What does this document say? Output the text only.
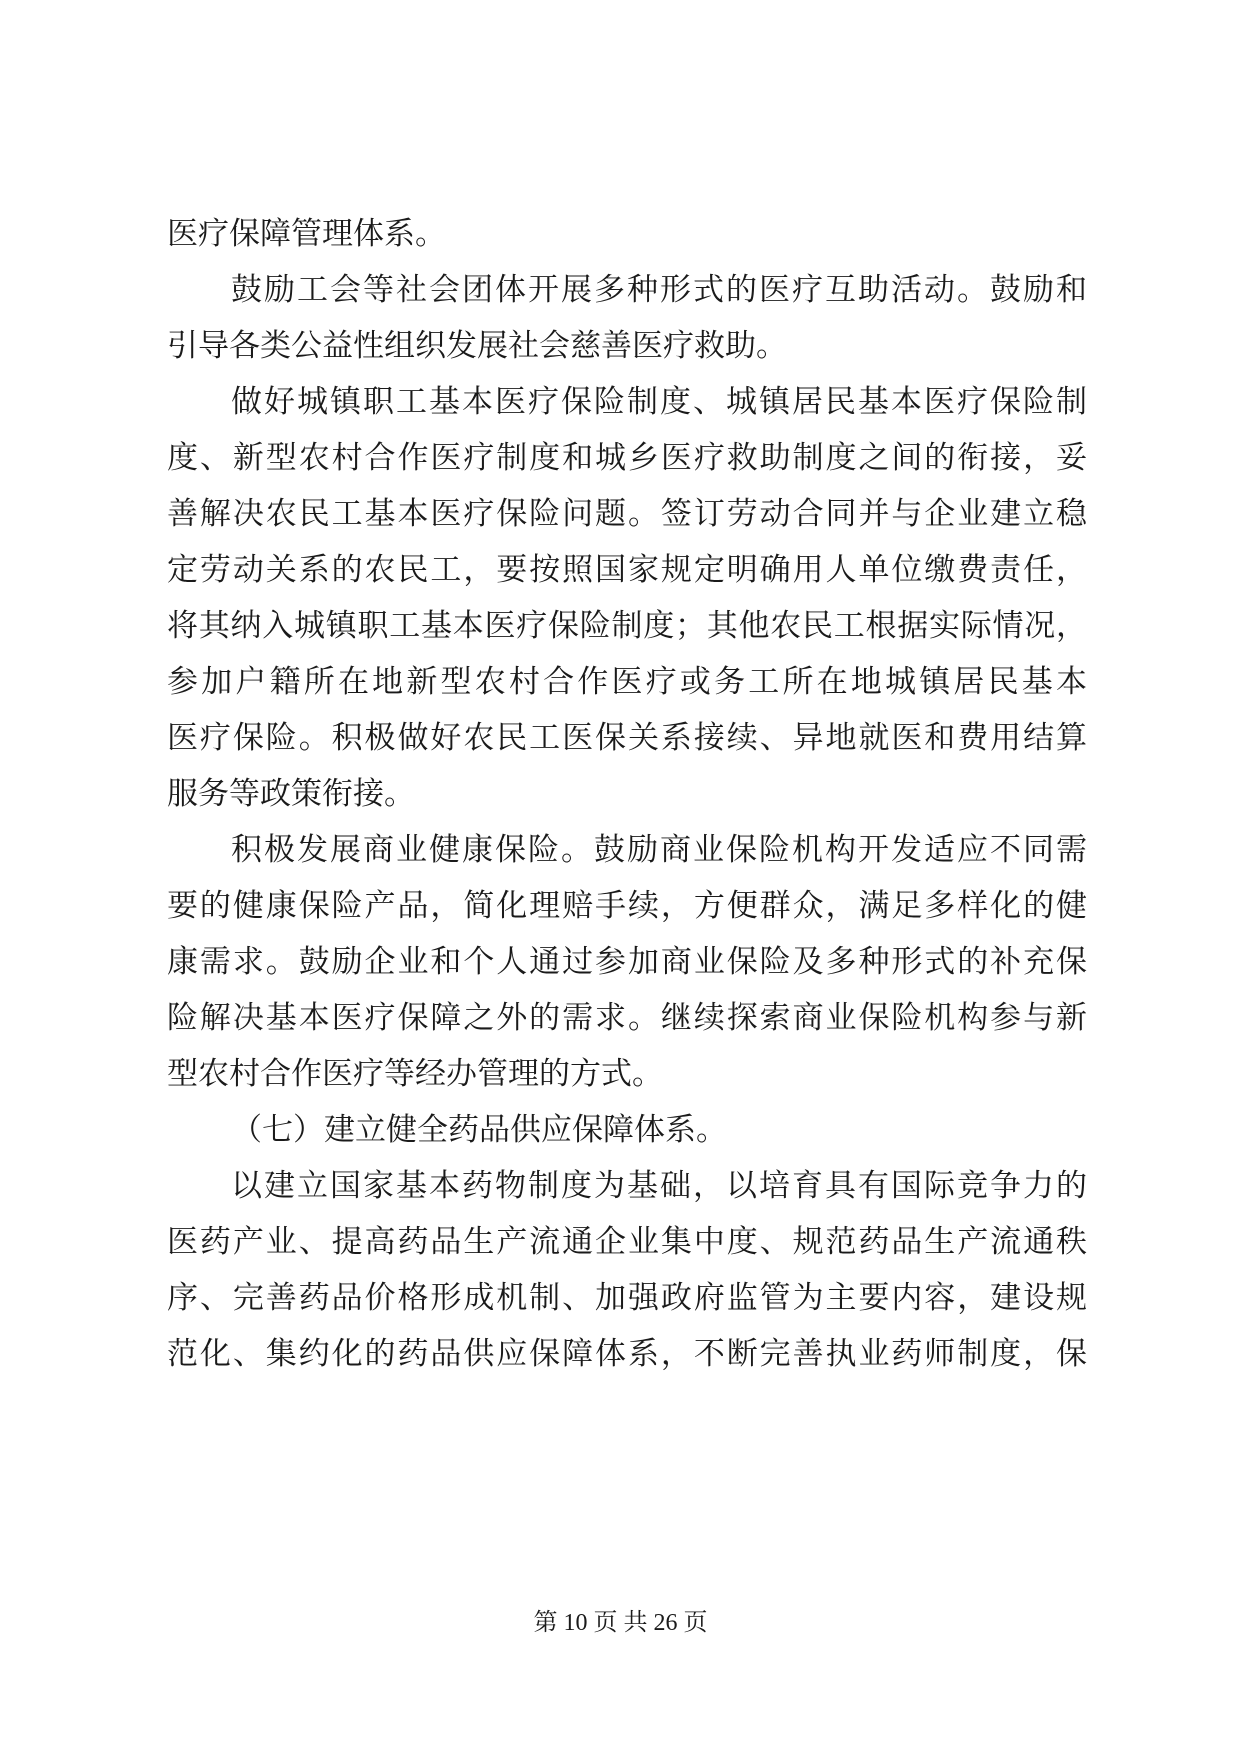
医疗保障管理体系。
鼓励工会等社会团体开展多种形式的医疗互助活动。鼓励和
引导各类公益性组织发展社会慈善医疗救助。
做好城镇职工基本医疗保险制度、城镇居民基本医疗保险制
度、新型农村合作医疗制度和城乡医疗救助制度之间的衔接，妥
善解决农民工基本医疗保险问题。签订劳动合同并与企业建立稳
定劳动关系的农民工，要按照国家规定明确用人单位缴费责任，
将其纳入城镇职工基本医疗保险制度；其他农民工根据实际情况，
参加户籍所在地新型农村合作医疗或务工所在地城镇居民基本
医疗保险。积极做好农民工医保关系接续、异地就医和费用结算
服务等政策衔接。
积极发展商业健康保险。鼓励商业保险机构开发适应不同需
要的健康保险产品，简化理赔手续，方便群众，满足多样化的健
康需求。鼓励企业和个人通过参加商业保险及多种形式的补充保
险解决基本医疗保障之外的需求。继续探索商业保险机构参与新
型农村合作医疗等经办管理的方式。
（七）建立健全药品供应保障体系。
以建立国家基本药物制度为基础，以培育具有国际竞争力的
医药产业、提高药品生产流通企业集中度、规范药品生产流通秩
序、完善药品价格形成机制、加强政府监管为主要内容，建设规
范化、集约化的药品供应保障体系，不断完善执业药师制度，保
第 10 页 共 26 页
